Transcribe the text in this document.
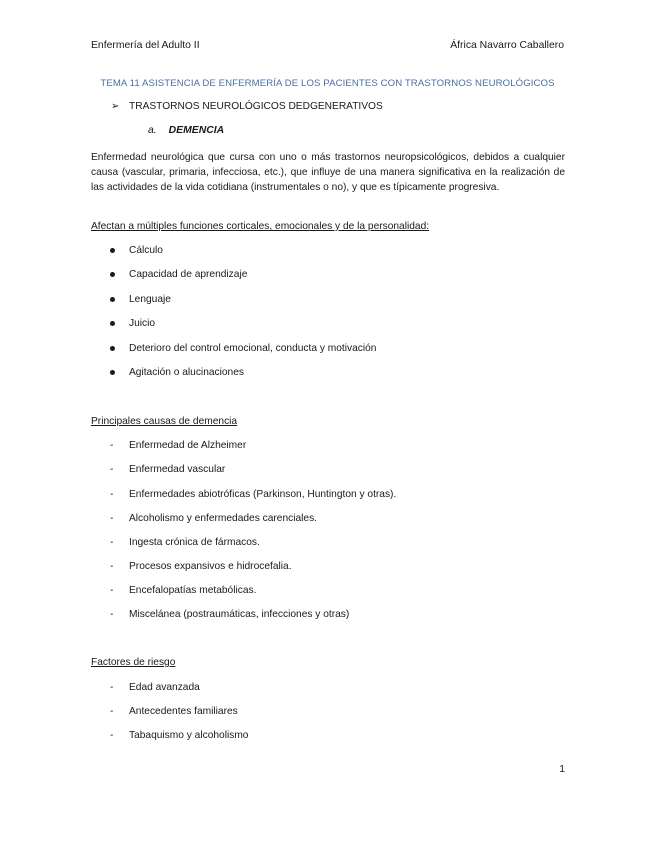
Enfermería del Adulto II	África Navarro Caballero
TEMA 11 ASISTENCIA DE ENFERMERÍA DE LOS PACIENTES CON TRASTORNOS NEUROLÓGICOS
➢ TRASTORNOS NEUROLÓGICOS DEDGENERATIVOS
a. DEMENCIA
Enfermedad neurológica que cursa con uno o más trastornos neuropsicológicos, debidos a cualquier causa (vascular, primaria, infecciosa, etc.), que influye de una manera significativa en la realización de las actividades de la vida cotidiana (instrumentales o no), y que es típicamente progresiva.
Afectan a múltiples funciones corticales, emocionales y de la personalidad:
Cálculo
Capacidad de aprendizaje
Lenguaje
Juicio
Deterioro del control emocional, conducta y motivación
Agitación o alucinaciones
Principales causas de demencia
- Enfermedad de Alzheimer
- Enfermedad vascular
- Enfermedades abiotróficas (Parkinson, Huntington y otras).
- Alcoholismo y enfermedades carenciales.
- Ingesta crónica de fármacos.
- Procesos expansivos e hidrocefalia.
- Encefalopatías metabólicas.
- Miscelánea (postraumáticas, infecciones y otras)
Factores de riesgo
- Edad avanzada
- Antecedentes familiares
- Tabaquismo y alcoholismo
1
